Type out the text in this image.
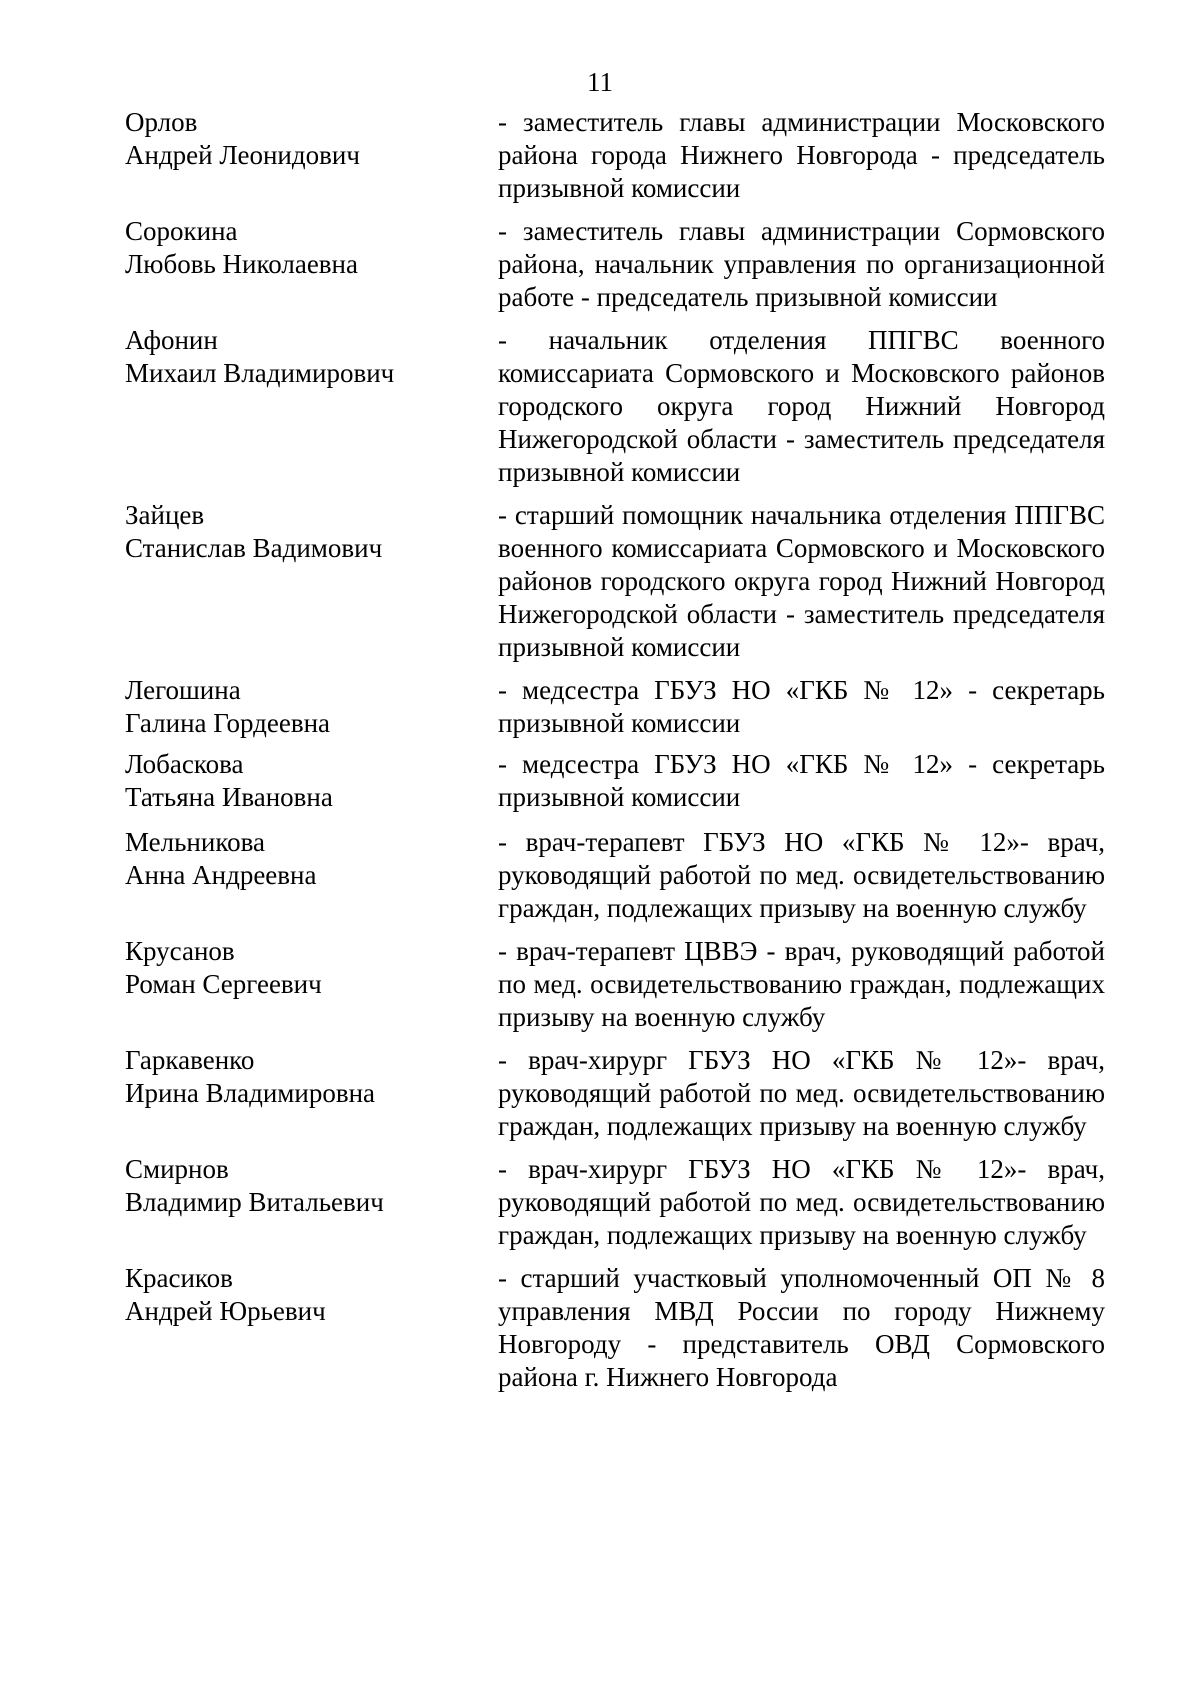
11
Орлов
Андрей Леонидович
- заместитель главы администрации Московского района города Нижнего Новгорода - председатель призывной комиссии
Сорокина
Любовь Николаевна
- заместитель главы администрации Сормовского района, начальник управления по организационной работе - председатель призывной комиссии
Афонин
Михаил Владимирович
- начальник отделения ППГВС военного комиссариата Сормовского и Московского районов городского округа город Нижний Новгород Нижегородской области - заместитель председателя призывной комиссии
Зайцев
Станислав Вадимович
- старший помощник начальника отделения ППГВС военного комиссариата Сормовского и Московского районов городского округа город Нижний Новгород Нижегородской области - заместитель председателя призывной комиссии
Легошина
Галина Гордеевна
- медсестра ГБУЗ НО «ГКБ № 12» - секретарь призывной комиссии
Лобаскова
Татьяна Ивановна
- медсестра ГБУЗ НО «ГКБ № 12» - секретарь призывной комиссии
Мельникова
Анна Андреевна
- врач-терапевт ГБУЗ НО «ГКБ № 12»- врач, руководящий работой по мед. освидетельствованию граждан, подлежащих призыву на военную службу
Крусанов
Роман Сергеевич
- врач-терапевт ЦВВЭ - врач, руководящий работой по мед. освидетельствованию граждан, подлежащих призыву на военную службу
Гаркавенко
Ирина Владимировна
- врач-хирург ГБУЗ НО «ГКБ № 12»- врач, руководящий работой по мед. освидетельствованию граждан, подлежащих призыву на военную службу
Смирнов
Владимир Витальевич
- врач-хирург ГБУЗ НО «ГКБ № 12»- врач, руководящий работой по мед. освидетельствованию граждан, подлежащих призыву на военную службу
Красиков
Андрей Юрьевич
- старший участковый уполномоченный ОП № 8 управления МВД России по городу Нижнему Новгороду - представитель ОВД Сормовского района г. Нижнего Новгорода
